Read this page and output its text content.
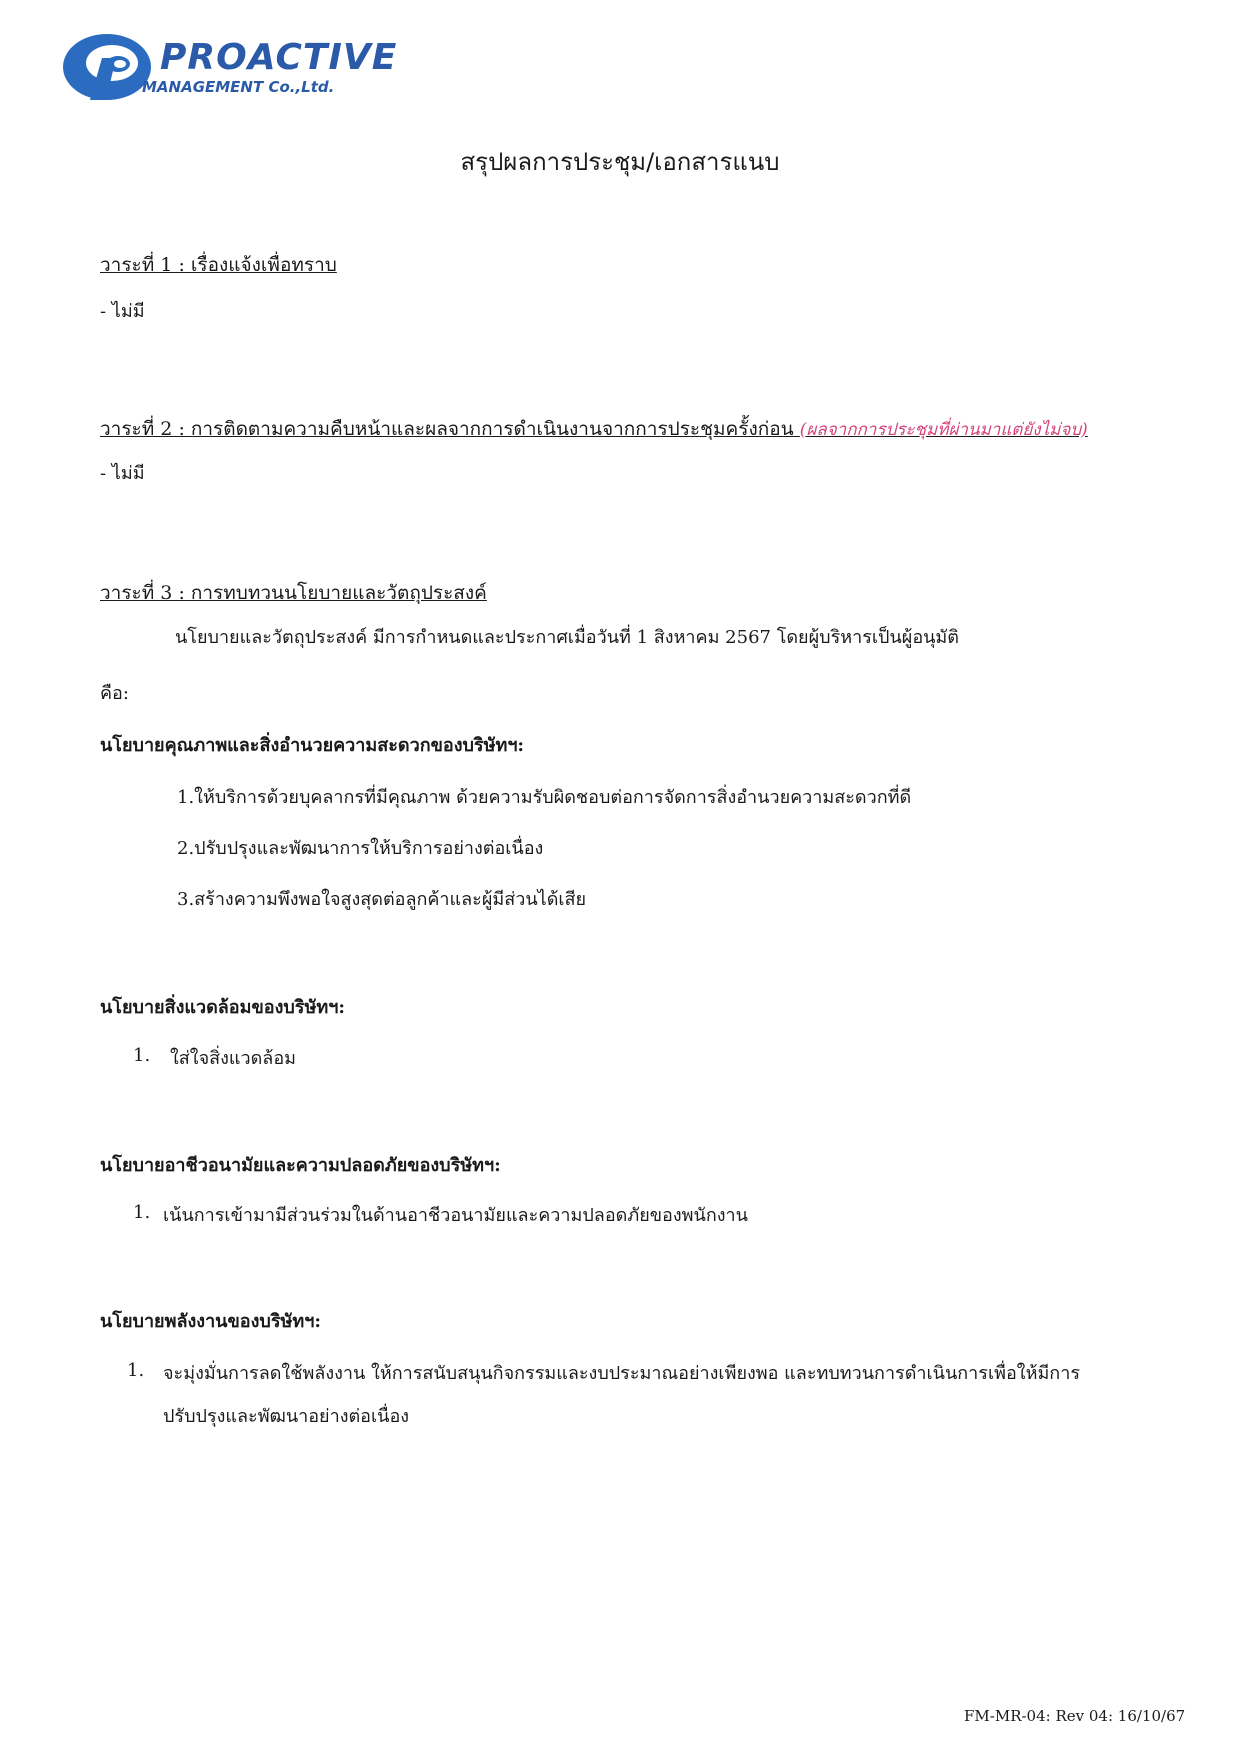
PROACTIVE
MANAGEMENT Co.,Ltd.
สรุปผลการประชุม/เอกสารแนบ
วาระที่ 1 : เรื่องแจ้งเพื่อทราบ
- ไม่มี
วาระที่ 2 : การติดตามความคืบหน้าและผลจากการดำเนินงานจากการประชุมครั้งก่อน (ผลจากการประชุมที่ผ่านมาแต่ยังไม่จบ)
- ไม่มี
วาระที่ 3 : การทบทวนนโยบายและวัตถุประสงค์
นโยบายและวัตถุประสงค์ มีการกำหนดและประกาศเมื่อวันที่ 1 สิงหาคม 2567 โดยผู้บริหารเป็นผู้อนุมัติ
คือ:
นโยบายคุณภาพและสิ่งอำนวยความสะดวกของบริษัทฯ:
1.ให้บริการด้วยบุคลากรที่มีคุณภาพ ด้วยความรับผิดชอบต่อการจัดการสิ่งอำนวยความสะดวกที่ดี
2.ปรับปรุงและพัฒนาการให้บริการอย่างต่อเนื่อง
3.สร้างความพึงพอใจสูงสุดต่อลูกค้าและผู้มีส่วนได้เสีย
นโยบายสิ่งแวดล้อมของบริษัทฯ:
1. ใส่ใจสิ่งแวดล้อม
นโยบายอาชีวอนามัยและความปลอดภัยของบริษัทฯ:
1. เน้นการเข้ามามีส่วนร่วมในด้านอาชีวอนามัยและความปลอดภัยของพนักงาน
นโยบายพลังงานของบริษัทฯ:
1. จะมุ่งมั่นการลดใช้พลังงาน ให้การสนับสนุนกิจกรรมและงบประมาณอย่างเพียงพอ และทบทวนการดำเนินการเพื่อให้มีการ
ปรับปรุงและพัฒนาอย่างต่อเนื่อง
FM-MR-04: Rev 04: 16/10/67
